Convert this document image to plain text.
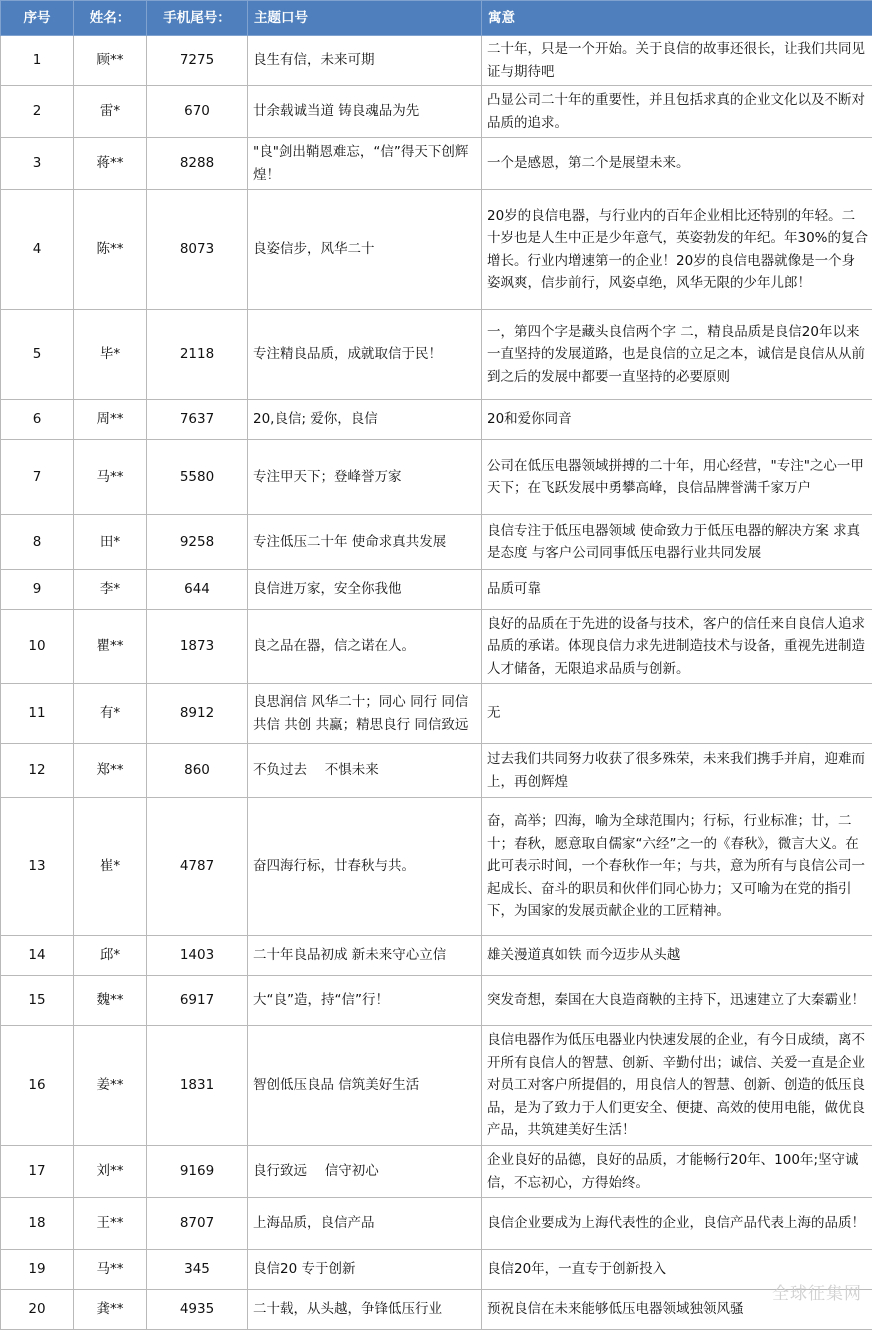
序号	姓名：	手机尾号：	主题口号	寓意
1	顾**	7275	良生有信，未来可期	二十年，只是一个开始。关于良信的故事还很长，让我们共同见证与期待吧
2	雷*	670	廿余载诚当道 铸良魂品为先	凸显公司二十年的重要性，并且包括求真的企业文化以及不断对品质的追求。
3	蒋**	8288	"良"剑出鞘恩难忘，“信”得天下创辉煌！	一个是感恩，第二个是展望未来。
4	陈**	8073	良姿信步，风华二十	20岁的良信电器，与行业内的百年企业相比还特别的年轻。二十岁也是人生中正是少年意气，英姿勃发的年纪。年30%的复合增长。行业内增速第一的企业！20岁的良信电器就像是一个身姿飒爽，信步前行，风姿卓绝，风华无限的少年儿郎！
5	毕*	2118	专注精良品质，成就取信于民！	一，第四个字是藏头良信两个字 二，精良品质是良信20年以来一直坚持的发展道路，也是良信的立足之本，诚信是良信从从前到之后的发展中都要一直坚持的必要原则
6	周**	7637	20,良信; 爱你，良信	20和爱你同音
7	马**	5580	专注甲天下；登峰誉万家	公司在低压电器领域拼搏的二十年，用心经营，"专注"之心一甲天下；在飞跃发展中勇攀高峰，良信品牌誉满千家万户
8	田*	9258	专注低压二十年 使命求真共发展	良信专注于低压电器领域 使命致力于低压电器的解决方案 求真是态度 与客户公司同事低压电器行业共同发展
9	李*	644	良信进万家，安全你我他	品质可靠
10	瞿**	1873	良之品在器，信之诺在人。	良好的品质在于先进的设备与技术，客户的信任来自良信人追求品质的承诺。体现良信力求先进制造技术与设备，重视先进制造人才储备，无限追求品质与创新。
11	有*	8912	良思润信 风华二十；同心 同行 同信 共信 共创 共赢；精思良行 同信致远	无
12	郑**	860	不负过去　 不惧未来	过去我们共同努力收获了很多殊荣，未来我们携手并肩，迎难而上，再创辉煌
13	崔*	4787	奋四海行标，廿春秋与共。	奋，高举；四海，喻为全球范围内；行标，行业标准；廿，二十；春秋，愿意取自儒家“六经”之一的《春秋》，微言大义。在此可表示时间，一个春秋作一年；与共，意为所有与良信公司一起成长、奋斗的职员和伙伴们同心协力；又可喻为在党的指引下，为国家的发展贡献企业的工匠精神。
14	邱*	1403	二十年良品初成 新未来守心立信	雄关漫道真如铁 而今迈步从头越
15	魏**	6917	大“良”造，持“信”行！	突发奇想，秦国在大良造商鞅的主持下，迅速建立了大秦霸业！
16	姜**	1831	智创低压良品 信筑美好生活	良信电器作为低压电器业内快速发展的企业，有今日成绩，离不开所有良信人的智慧、创新、辛勤付出；诚信、关爱一直是企业对员工对客户所提倡的，用良信人的智慧、创新、创造的低压良品，是为了致力于人们更安全、便捷、高效的使用电能，做优良产品，共筑建美好生活！
17	刘**	9169	良行致远　 信守初心	企业良好的品德，良好的品质，才能畅行20年、100年;坚守诚信，不忘初心，方得始终。
18	王**	8707	上海品质，良信产品	良信企业要成为上海代表性的企业，良信产品代表上海的品质！
19	马**	345	良信20 专于创新	良信20年，一直专于创新投入
20	龚**	4935	二十载，从头越，争锋低压行业	预祝良信在未来能够低压电器领域独领风骚
全球征集网
